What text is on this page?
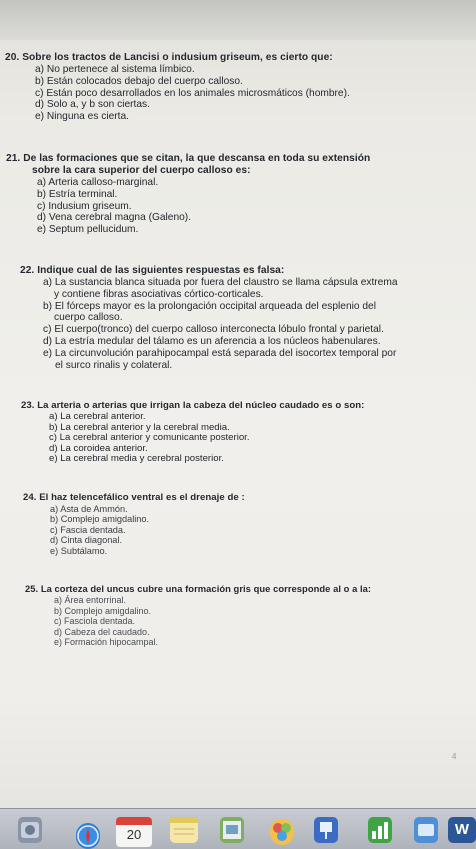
20. Sobre los tractos de Lancisi o indusium griseum, es cierto que:

a) No pertenece al sistema límbico.
b) Están colocados debajo del cuerpo calloso.
c) Están poco desarrollados en los animales microsmáticos (hombre).
d) Solo a, y b son ciertas.
e) Ninguna es cierta.

21. De las formaciones que se citan, la que descansa en toda su extensión
sobre la cara superior del cuerpo calloso es:

a) Arteria calloso-marginal.
b) Estría terminal.
c) Indusium griseum.
d) Vena cerebral magna (Galeno).
e) Septum pellucidum.

22. Indique cual de las siguientes respuestas es falsa:

a) La sustancia blanca situada por fuera del claustro se llama cápsula extrema
y contiene fibras asociativas córtico-corticales.
b) El fórceps mayor es la prolongación occipital arqueada del esplenio del
cuerpo calloso.
c) El cuerpo(tronco) del cuerpo calloso interconecta lóbulo frontal y parietal.
d) La estría medular del tálamo es un aferencia a los núcleos habenulares.
e) La circunvolución parahipocampal está separada del isocortex temporal por
el surco rinalis y colateral.

23. La arteria o arterias que irrigan la cabeza del núcleo caudado es o son:

a) La cerebral anterior.
b) La cerebral anterior y la cerebral media.
c) La cerebral anterior y comunicante posterior.
d) La coroidea anterior.
e) La cerebral media y cerebral posterior.

24. El haz telencefálico ventral es el drenaje de :

a) Asta de Ammón.
b) Complejo amigdalino.
c) Fascia dentada.
d) Cinta diagonal.
e) Subtálamo.

25. La corteza del uncus cubre una formación gris que corresponde al o a la:

a) Área entorrinal.
b) Complejo amigdalino.
c) Fasciola dentada.
d) Cabeza del caudado.
e) Formación hipocampal.
4
20	W
